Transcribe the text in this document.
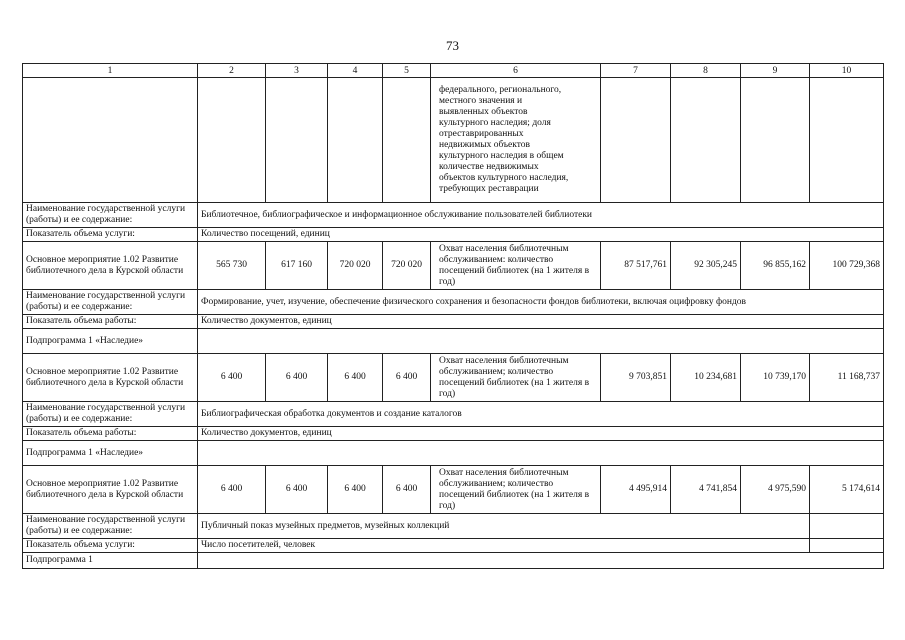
73
1	2	3	4	5	6	7	8	9	10
					федерального, регионального, местного значения и выявленных объектов культурного наследия; доля отреставрированных недвижимых объектов культурного наследия в общем количестве недвижимых объектов культурного наследия, требующих реставрации				
Наименование государственной услуги (работы) и ее содержание:	Библиотечное, библиографическое и информационное обслуживание пользователей библиотеки								
Показатель объема услуги:	Количество посещений, единиц								
Основное мероприятие 1.02 Развитие библиотечного дела в Курской области	565 730	617 160	720 020	720 020	Охват населения библиотечным обслуживанием: количество посещений библиотек (на 1 жителя в год)	87 517,761	92 305,245	96 855,162	100 729,368
Наименование государственной услуги (работы) и ее содержание:	Формирование, учет, изучение, обеспечение физического сохранения и безопасности фондов библиотеки, включая оцифровку фондов								
Показатель объема работы:	Количество документов, единиц								
Подпрограмма 1 «Наследие»									
Основное мероприятие 1.02 Развитие библиотечного дела в Курской области	6 400	6 400	6 400	6 400	Охват населения библиотечным обслуживанием; количество посещений библиотек (на 1 жителя в год)	9 703,851	10 234,681	10 739,170	11 168,737
Наименование государственной услуги (работы) и ее содержание:	Библиографическая обработка документов и создание каталогов								
Показатель объема работы:	Количество документов, единиц								
Подпрограмма 1 «Наследие»									
Основное мероприятие 1.02 Развитие библиотечного дела в Курской области	6 400	6 400	6 400	6 400	Охват населения библиотечным обслуживанием; количество посещений библиотек (на 1 жителя в год)	4 495,914	4 741,854	4 975,590	5 174,614
Наименование государственной услуги (работы) и ее содержание:	Публичный показ музейных предметов, музейных коллекций								
Показатель объема услуги:	Число посетителей, человек								
Подпрограмма 1									
